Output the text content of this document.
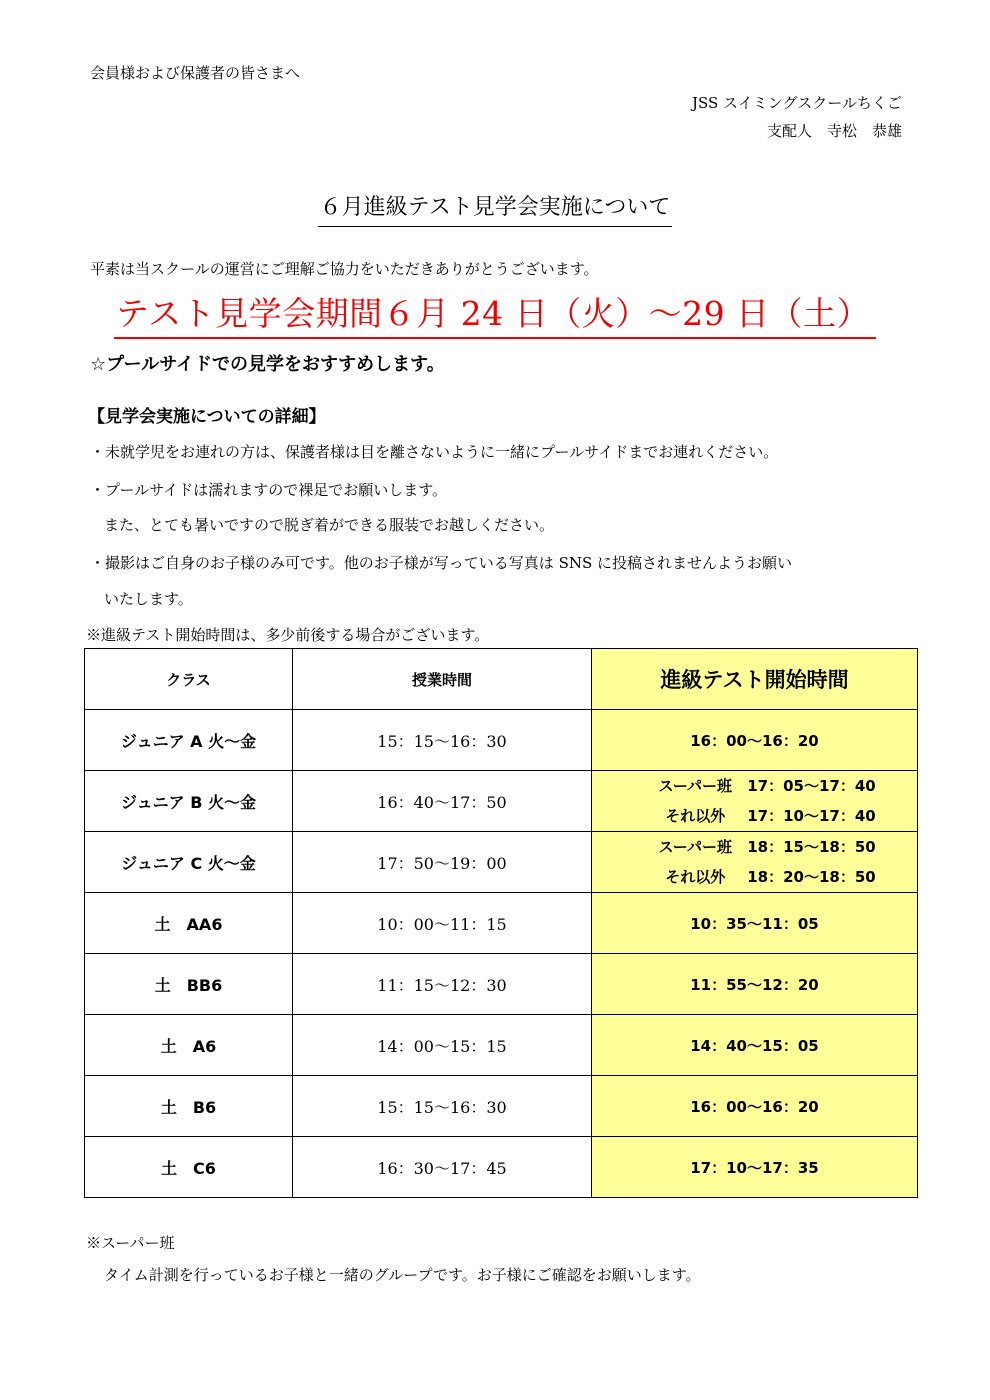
会員様および保護者の皆さまへ
JSS スイミングスクールちくご
支配人　寺松　恭雄
６月進級テスト見学会実施について
平素は当スクールの運営にご理解ご協力をいただきありがとうございます。
テスト見学会期間６月 24 日（火）〜29 日（土）
☆プールサイドでの見学をおすすめします。
【見学会実施についての詳細】
・未就学児をお連れの方は、保護者様は目を離さないように一緒にプールサイドまでお連れください。
・プールサイドは濡れますので裸足でお願いします。
また、とても暑いですので脱ぎ着ができる服装でお越しください。
・撮影はご自身のお子様のみ可です。他のお子様が写っている写真は SNS に投稿されませんようお願い
いたします。
※進級テスト開始時間は、多少前後する場合がございます。
クラス	授業時間	進級テスト開始時間
ジュニア A 火〜金	15：15〜16：30	16：00〜16：20
ジュニア B 火〜金	16：40〜17：50	スーパー班 17：05〜17：40
それ以外 17：10〜17：40

ジュニア C 火〜金	17：50〜19：00	スーパー班 18：15〜18：50
それ以外 18：20〜18：50

土　AA6	10：00〜11：15	10：35〜11：05
土　BB6	11：15〜12：30	11：55〜12：20
土　A6	14：00〜15：15	14：40〜15：05
土　B6	15：15〜16：30	16：00〜16：20
土　C6	16：30〜17：45	17：10〜17：35
※スーパー班
タイム計測を行っているお子様と一緒のグループです。お子様にご確認をお願いします。
